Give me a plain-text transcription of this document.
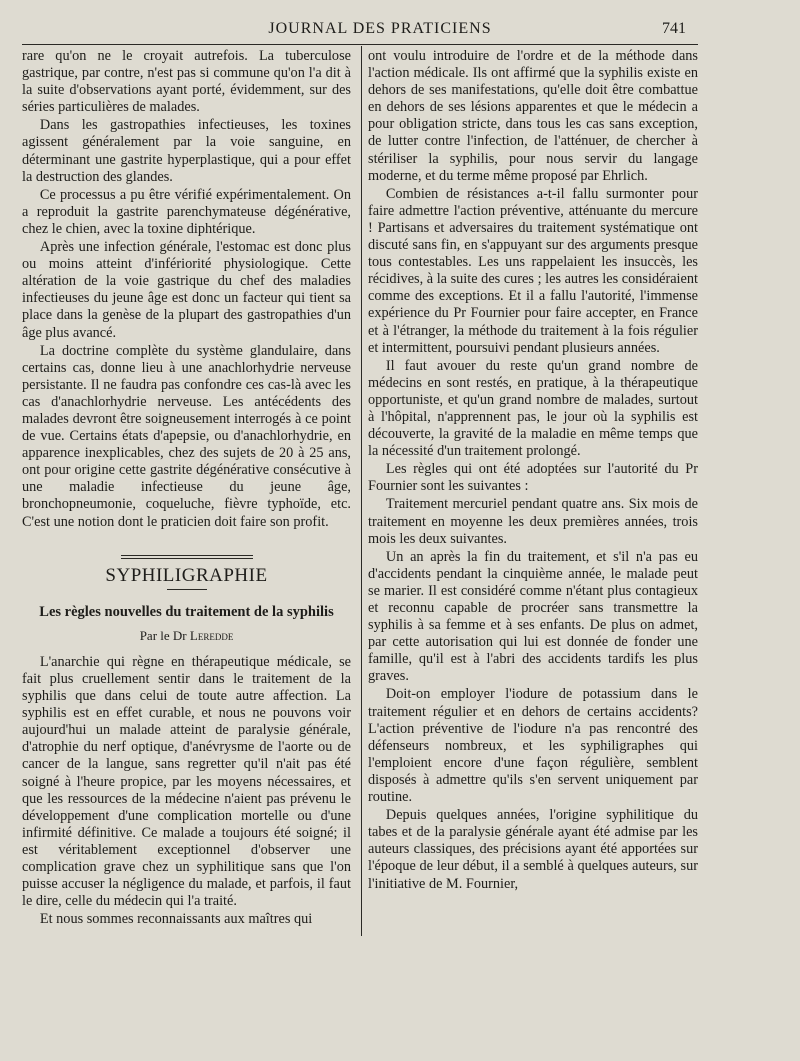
JOURNAL DES PRATICIENS	741

rare qu'on ne le croyait autrefois. La tuberculose gastrique, par contre, n'est pas si commune qu'on l'a dit à la suite d'observations ayant porté, évidemment, sur des séries particulières de malades.

Dans les gastropathies infectieuses, les toxines agissent généralement par la voie sanguine, en déterminant une gastrite hyperplastique, qui a pour effet la destruction des glandes.

Ce processus a pu être vérifié expérimentalement. On a reproduit la gastrite parenchymateuse dégénérative, chez le chien, avec la toxine diphtérique.

Après une infection générale, l'estomac est donc plus ou moins atteint d'infériorité physiologique. Cette altération de la voie gastrique du chef des maladies infectieuses du jeune âge est donc un facteur qui tient sa place dans la genèse de la plupart des gastropathies d'un âge plus avancé.

La doctrine complète du système glandulaire, dans certains cas, donne lieu à une anachlorhydrie nerveuse persistante. Il ne faudra pas confondre ces cas-là avec les cas d'anachlorhydrie nerveuse. Les antécédents des malades devront être soigneusement interrogés à ce point de vue. Certains états d'apepsie, ou d'anachlorhydrie, en apparence inexplicables, chez des sujets de 20 à 25 ans, ont pour origine cette gastrite dégénérative consécutive à une maladie infectieuse du jeune âge, bronchopneumonie, coqueluche, fièvre typhoïde, etc. C'est une notion dont le praticien doit faire son profit.

SYPHILIGRAPHIE
Les règles nouvelles du traitement de la syphilis
Par le Dr Leredde

L'anarchie qui règne en thérapeutique médicale, se fait plus cruellement sentir dans le traitement de la syphilis que dans celui de toute autre affection. La syphilis est en effet curable, et nous ne pouvons voir aujourd'hui un malade atteint de paralysie générale, d'atrophie du nerf optique, d'anévrysme de l'aorte ou de cancer de la langue, sans regretter qu'il n'ait pas été soigné à l'heure propice, par les moyens nécessaires, et que les ressources de la médecine n'aient pas prévenu le développement d'une complication mortelle ou d'une infirmité définitive. Ce malade a toujours été soigné; il est véritablement exceptionnel d'observer une complication grave chez un syphilitique sans que l'on puisse accuser la négligence du malade, et parfois, il faut le dire, celle du médecin qui l'a traité.

Et nous sommes reconnaissants aux maîtres qui

ont voulu introduire de l'ordre et de la méthode dans l'action médicale. Ils ont affirmé que la syphilis existe en dehors de ses manifestations, qu'elle doit être combattue en dehors de ses lésions apparentes et que le médecin a pour obligation stricte, dans tous les cas sans exception, de lutter contre l'infection, de l'atténuer, de chercher à stériliser la syphilis, pour nous servir du langage moderne, et du terme même proposé par Ehrlich.

Combien de résistances a-t-il fallu surmonter pour faire admettre l'action préventive, atténuante du mercure ! Partisans et adversaires du traitement systématique ont discuté sans fin, en s'appuyant sur des arguments presque tous contestables. Les uns rappelaient les insuccès, les récidives, à la suite des cures ; les autres les considéraient comme des exceptions. Et il a fallu l'autorité, l'immense expérience du Pr Fournier pour faire accepter, en France et à l'étranger, la méthode du traitement à la fois régulier et intermittent, poursuivi pendant plusieurs années.

Il faut avouer du reste qu'un grand nombre de médecins en sont restés, en pratique, à la thérapeutique opportuniste, et qu'un grand nombre de malades, surtout à l'hôpital, n'apprennent pas, le jour où la syphilis est découverte, la gravité de la maladie en même temps que la nécessité d'un traitement prolongé.

Les règles qui ont été adoptées sur l'autorité du Pr Fournier sont les suivantes :

Traitement mercuriel pendant quatre ans. Six mois de traitement en moyenne les deux premières années, trois mois les deux suivantes.

Un an après la fin du traitement, et s'il n'a pas eu d'accidents pendant la cinquième année, le malade peut se marier. Il est considéré comme n'étant plus contagieux et reconnu capable de procréer sans transmettre la syphilis à sa femme et à ses enfants. De plus on admet, par cette autorisation qui lui est donnée de fonder une famille, qu'il est à l'abri des accidents tardifs les plus graves.

Doit-on employer l'iodure de potassium dans le traitement régulier et en dehors de certains accidents? L'action préventive de l'iodure n'a pas rencontré des défenseurs nombreux, et les syphiligraphes qui l'emploient encore d'une façon régulière, semblent disposés à admettre qu'ils s'en servent uniquement par routine.

Depuis quelques années, l'origine syphilitique du tabes et de la paralysie générale ayant été admise par les auteurs classiques, des précisions ayant été apportées sur l'époque de leur début, il a semblé à quelques auteurs, sur l'initiative de M. Fournier,
